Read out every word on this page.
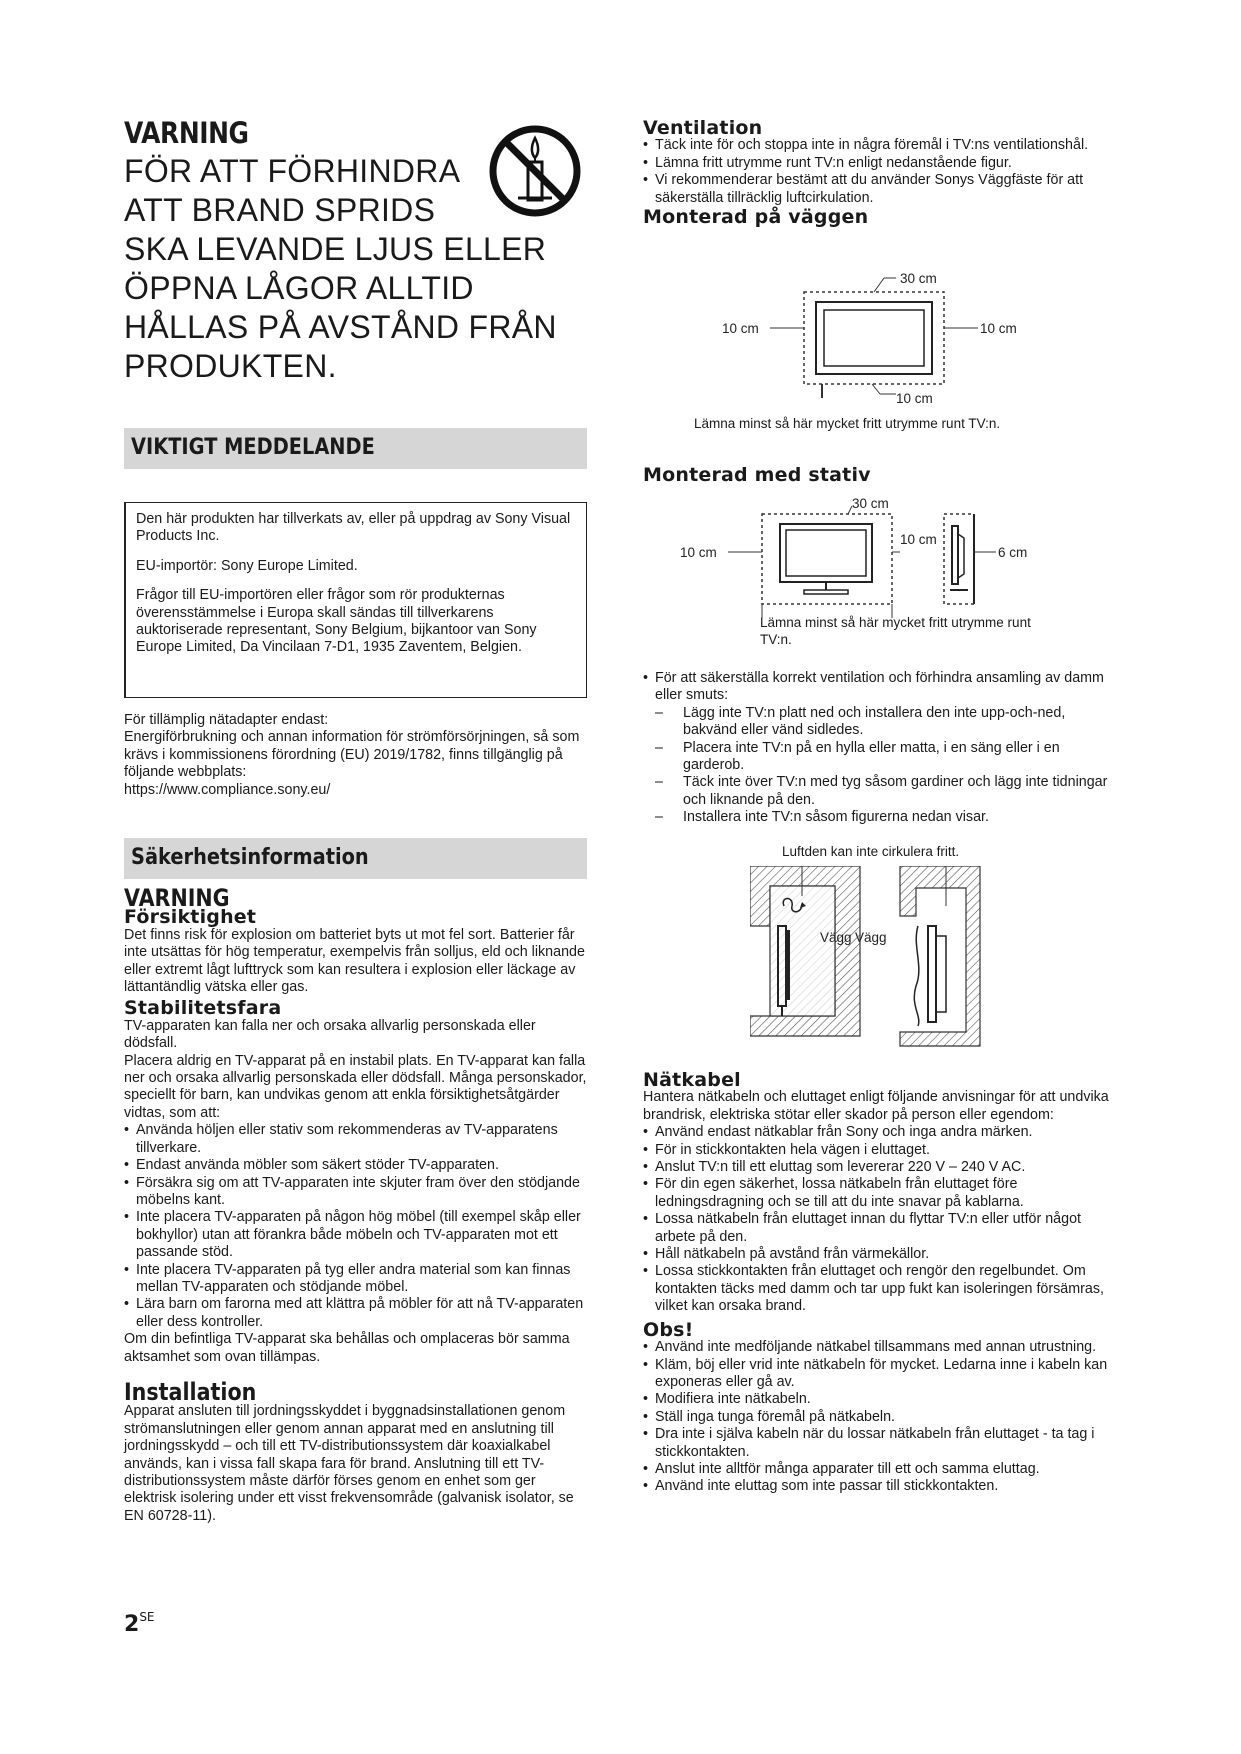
VARNING
FÖR ATT FÖRHINDRA
ATT BRAND SPRIDS
SKA LEVANDE LJUS ELLER
ÖPPNA LÅGOR ALLTID
HÅLLAS PÅ AVSTÅND FRÅN
PRODUKTEN.
VIKTIGT MEDDELANDE

Den här produkten har tillverkats av, eller på uppdrag av Sony Visual Products Inc.

EU-importör: Sony Europe Limited.

Frågor till EU-importören eller frågor som rör produkternas överensstämmelse i Europa skall sändas till tillverkarens auktoriserade representant, Sony Belgium, bijkantoor van Sony Europe Limited, Da Vincilaan 7-D1, 1935 Zaventem, Belgien.

För tillämplig nätadapter endast:

Energiförbrukning och annan information för strömförsörjningen, så som krävs i kommissionens förordning (EU) 2019/1782, finns tillgänglig på följande webbplats:

https://www.compliance.sony.eu/

Säkerhetsinformation
VARNING
Försiktighet

Det finns risk för explosion om batteriet byts ut mot fel sort. Batterier får inte utsättas för hög temperatur, exempelvis från solljus, eld och liknande eller extremt lågt lufttryck som kan resultera i explosion eller läckage av lättantändlig vätska eller gas.

Stabilitetsfara

TV-apparaten kan falla ner och orsaka allvarlig personskada eller dödsfall.

Placera aldrig en TV-apparat på en instabil plats. En TV-apparat kan falla ner och orsaka allvarlig personskada eller dödsfall. Många personskador, speciellt för barn, kan undvikas genom att enkla försiktighetsåtgärder vidtas, som att:

• Använda höljen eller stativ som rekommenderas av TV-apparatens tillverkare.
• Endast använda möbler som säkert stöder TV-apparaten.
• Försäkra sig om att TV-apparaten inte skjuter fram över den stödjande möbelns kant.
• Inte placera TV-apparaten på någon hög möbel (till exempel skåp eller bokhyllor) utan att förankra både möbeln och TV-apparaten mot ett passande stöd.
• Inte placera TV-apparaten på tyg eller andra material som kan finnas mellan TV-apparaten och stödjande möbel.
• Lära barn om farorna med att klättra på möbler för att nå TV-apparaten eller dess kontroller.

Om din befintliga TV-apparat ska behållas och omplaceras bör samma aktsamhet som ovan tillämpas.

Installation

Apparat ansluten till jordningsskyddet i byggnadsinstallationen genom strömanslutningen eller genom annan apparat med en anslutning till jordningsskydd – och till ett TV-distributionssystem där koaxialkabel används, kan i vissa fall skapa fara för brand. Anslutning till ett TV-distributionssystem måste därför förses genom en enhet som ger elektrisk isolering under ett visst frekvensområde (galvanisk isolator, se EN 60728-11).

$2^{SE}$
Ventilation
• Täck inte för och stoppa inte in några föremål i TV:ns ventilationshål.
• Lämna fritt utrymme runt TV:n enligt nedanstående figur.
• Vi rekommenderar bestämt att du använder Sonys Väggfäste för att säkerställa tillräcklig luftcirkulation.
Monterad på väggen
30 cm
10 cm	10 cm
10 cm
Lämna minst så här mycket fritt utrymme runt TV:n.
Monterad med stativ
30 cm
10 cm
10 cm
6 cm
Lämna minst så här mycket fritt utrymme runt
TV:n.
• För att säkerställa korrekt ventilation och förhindra ansamling av damm eller smuts:
– Lägg inte TV:n platt ned och installera den inte upp-och-ned, bakvänd eller vänd sidledes.
– Placera inte TV:n på en hylla eller matta, i en säng eller i en garderob.
– Täck inte över TV:n med tyg såsom gardiner och lägg inte tidningar och liknande på den.
– Installera inte TV:n såsom figurerna nedan visar.
Luftden kan inte cirkulera fritt.
Vägg Vägg
Nätkabel

Hantera nätkabeln och eluttaget enligt följande anvisningar för att undvika brandrisk, elektriska stötar eller skador på person eller egendom:

• Använd endast nätkablar från Sony och inga andra märken.
• För in stickkontakten hela vägen i eluttaget.
• Anslut TV:n till ett eluttag som levererar 220 V – 240 V AC.
• För din egen säkerhet, lossa nätkabeln från eluttaget före ledningsdragning och se till att du inte snavar på kablarna.
• Lossa nätkabeln från eluttaget innan du flyttar TV:n eller utför något arbete på den.
• Håll nätkabeln på avstånd från värmekällor.
• Lossa stickkontakten från eluttaget och rengör den regelbundet. Om kontakten täcks med damm och tar upp fukt kan isoleringen försämras, vilket kan orsaka brand.
Obs!
• Använd inte medföljande nätkabel tillsammans med annan utrustning.
• Kläm, böj eller vrid inte nätkabeln för mycket. Ledarna inne i kabeln kan exponeras eller gå av.
• Modifiera inte nätkabeln.
• Ställ inga tunga föremål på nätkabeln.
• Dra inte i själva kabeln när du lossar nätkabeln från eluttaget - ta tag i stickkontakten.
• Anslut inte alltför många apparater till ett och samma eluttag.
• Använd inte eluttag som inte passar till stickkontakten.
